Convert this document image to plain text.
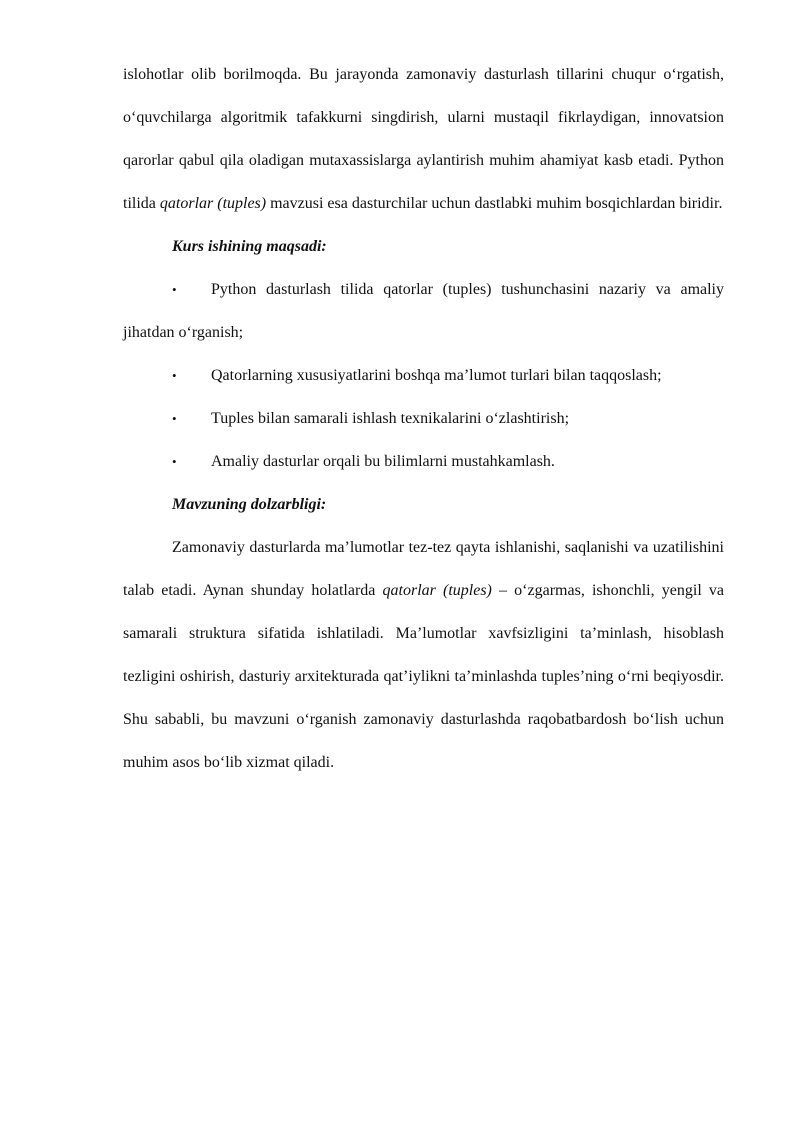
islohotlar olib borilmoqda. Bu jarayonda zamonaviy dasturlash tillarini chuqur o‘rgatish, o‘quvchilarga algoritmik tafakkurni singdirish, ularni mustaqil fikrlaydigan, innovatsion qarorlar qabul qila oladigan mutaxassislarga aylantirish muhim ahamiyat kasb etadi. Python tilida qatorlar (tuples) mavzusi esa dasturchilar uchun dastlabki muhim bosqichlardan biridir.

Kurs ishining maqsadi:

• Python dasturlash tilida qatorlar (tuples) tushunchasini nazariy va amaliy jihatdan o‘rganish;

• Qatorlarning xususiyatlarini boshqa ma’lumot turlari bilan taqqoslash;

• Tuples bilan samarali ishlash texnikalarini o‘zlashtirish;

• Amaliy dasturlar orqali bu bilimlarni mustahkamlash.

Mavzuning dolzarbligi:

Zamonaviy dasturlarda ma’lumotlar tez-tez qayta ishlanishi, saqlanishi va uzatilishini talab etadi. Aynan shunday holatlarda qatorlar (tuples) – o‘zgarmas, ishonchli, yengil va samarali struktura sifatida ishlatiladi. Ma’lumotlar xavfsizligini ta’minlash, hisoblash tezligini oshirish, dasturiy arxitekturada qat’iylikni ta’minlashda tuples’ning o‘rni beqiyosdir. Shu sababli, bu mavzuni o‘rganish zamonaviy dasturlashda raqobatbardosh bo‘lish uchun muhim asos bo‘lib xizmat qiladi.
